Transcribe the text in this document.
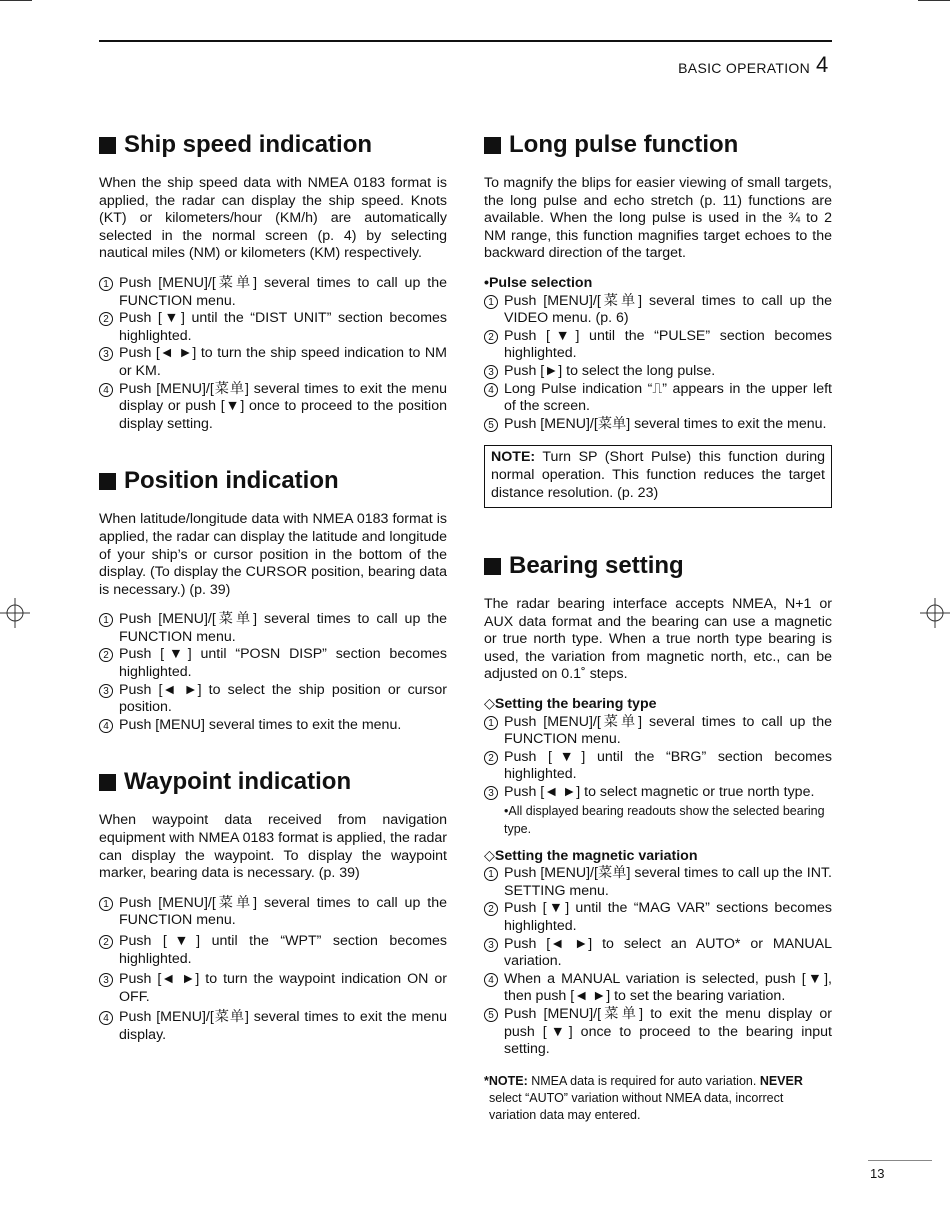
BASIC OPERATION 4
Ship speed indication

When the ship speed data with NMEA 0183 format is applied, the radar can display the ship speed. Knots (KT) or kilometers/hour (KM/h) are automatically selected in the normal screen (p. 4) by selecting nautical miles (NM) or kilometers (KM) respectively.

1 Push [MENU]/[菜单] several times to call up the FUNCTION menu.
2 Push [▼] until the “DIST UNIT” section becomes highlighted.
3 Push [◄ ►] to turn the ship speed indication to NM or KM.
4 Push [MENU]/[菜单] several times to exit the menu display or push [▼] once to proceed to the position display setting.
Position indication

When latitude/longitude data with NMEA 0183 format is applied, the radar can display the latitude and longitude of your ship’s or cursor position in the bottom of the display. (To display the CURSOR position, bearing data is necessary.) (p. 39)

1 Push [MENU]/[菜单] several times to call up the FUNCTION menu.
2 Push [▼] until “POSN DISP” section becomes highlighted.
3 Push [◄ ►] to select the ship position or cursor position.
4 Push [MENU] several times to exit the menu.
Waypoint indication

When waypoint data received from navigation equipment with NMEA 0183 format is applied, the radar can display the waypoint. To display the waypoint marker, bearing data is necessary. (p. 39)

1 Push [MENU]/[菜单] several times to call up the FUNCTION menu.
2 Push [▼] until the “WPT” section becomes highlighted.
3 Push [◄ ►] to turn the waypoint indication ON or OFF.
4 Push [MENU]/[菜单] several times to exit the menu display.
Long pulse function

To magnify the blips for easier viewing of small targets, the long pulse and echo stretch (p. 11) functions are available. When the long pulse is used in the ¾ to 2 NM range, this function magnifies target echoes to the backward direction of the target.

•Pulse selection

1 Push [MENU]/[菜单] several times to call up the VIDEO menu. (p. 6)
2 Push [▼] until the “PULSE” section becomes highlighted.
3 Push [►] to select the long pulse.
4 Long Pulse indication “⎍” appears in the upper left of the screen.
5 Push [MENU]/[菜单] several times to exit the menu.
NOTE: Turn SP (Short Pulse) this function during normal operation. This function reduces the target distance resolution. (p. 23)
Bearing setting

The radar bearing interface accepts NMEA, N+1 or AUX data format and the bearing can use a magnetic or true north type. When a true north type bearing is used, the variation from magnetic north, etc., can be adjusted on 0.1˚ steps.

◇Setting the bearing type

1 Push [MENU]/[菜单] several times to call up the FUNCTION menu.
2 Push [▼] until the “BRG” section becomes highlighted.
3 Push [◄ ►] to select magnetic or true north type.
•All displayed bearing readouts show the selected bearing type.

◇Setting the magnetic variation

1 Push [MENU]/[菜单] several times to call up the INT. SETTING menu.
2 Push [▼] until the “MAG VAR” sections becomes highlighted.
3 Push [◄ ►] to select an AUTO* or MANUAL variation.
4 When a MANUAL variation is selected, push [▼], then push [◄ ►] to set the bearing variation.
5 Push [MENU]/[菜单] to exit the menu display or push [▼] once to proceed to the bearing input setting.
*NOTE: NMEA data is required for auto variation. NEVER
select “AUTO” variation without NMEA data, incorrect variation data may entered.
13
